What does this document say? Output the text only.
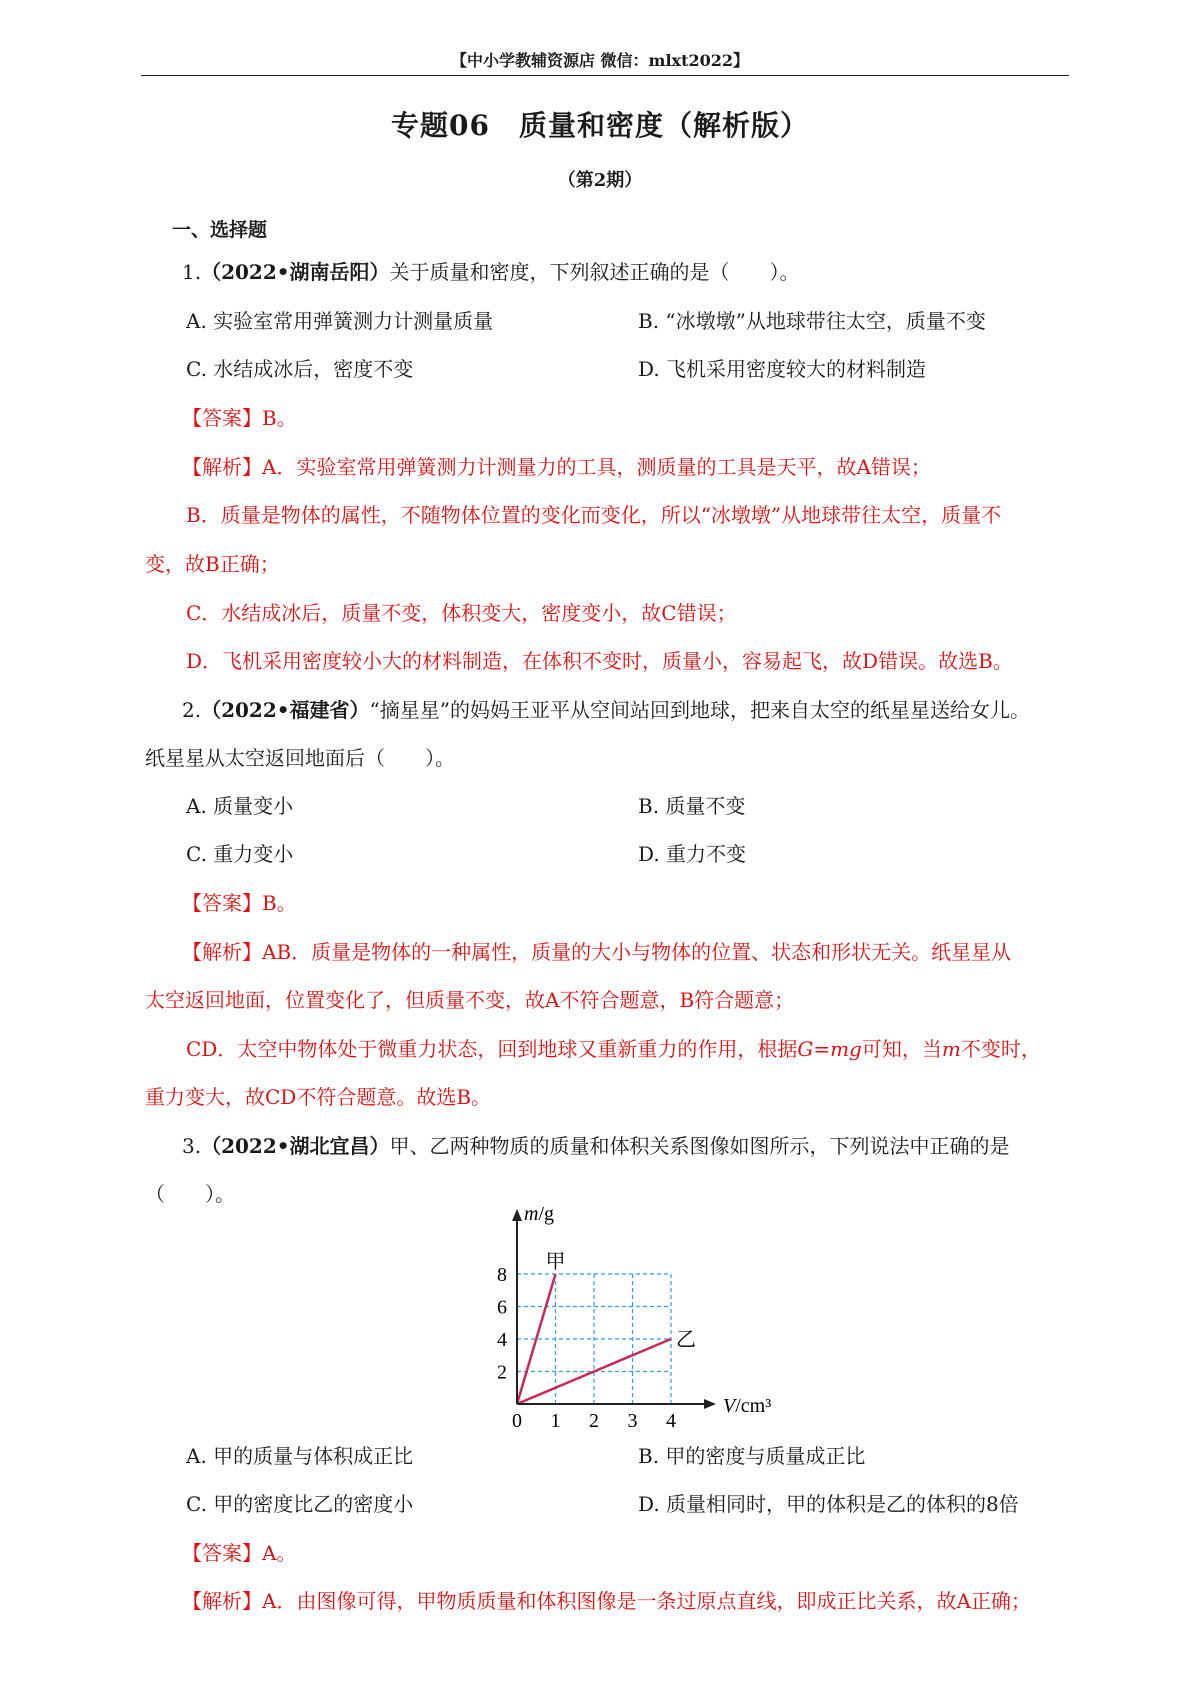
【中小学教辅资源店 微信：mlxt2022】
专题06　质量和密度（解析版）
（第2期）
一、选择题
1.（2022•湖南岳阳）关于质量和密度，下列叙述正确的是（　　）。
A. 实验室常用弹簧测力计测量质量	B. “冰墩墩”从地球带往太空，质量不变
C. 水结成冰后，密度不变	D. 飞机采用密度较大的材料制造
【答案】B。
【解析】A．实验室常用弹簧测力计测量力的工具，测质量的工具是天平，故A错误；
B．质量是物体的属性，不随物体位置的变化而变化，所以“冰墩墩”从地球带往太空，质量不
变，故B正确；
C．水结成冰后，质量不变，体积变大，密度变小，故C错误；
D．飞机采用密度较小大的材料制造，在体积不变时，质量小，容易起飞，故D错误。故选B。
2.（2022•福建省）“摘星星”的妈妈王亚平从空间站回到地球，把来自太空的纸星星送给女儿。
纸星星从太空返回地面后（　　）。
A. 质量变小	B. 质量不变
C. 重力变小	D. 重力不变
【答案】B。
【解析】AB．质量是物体的一种属性，质量的大小与物体的位置、状态和形状无关。纸星星从
太空返回地面，位置变化了，但质量不变，故A不符合题意，B符合题意；
CD．太空中物体处于微重力状态，回到地球又重新重力的作用，根据G=mg可知，当m不变时，
重力变大，故CD不符合题意。故选B。
3.（2022•湖北宜昌）甲、乙两种物质的质量和体积关系图像如图所示，下列说法中正确的是
（　　）。
甲
乙
0 1 2 3 4
2
4
6
8
V/cm³
m/g
A. 甲的质量与体积成正比	B. 甲的密度与质量成正比
C. 甲的密度比乙的密度小	D. 质量相同时，甲的体积是乙的体积的8倍
【答案】A。
【解析】A．由图像可得，甲物质质量和体积图像是一条过原点直线，即成正比关系，故A正确；
